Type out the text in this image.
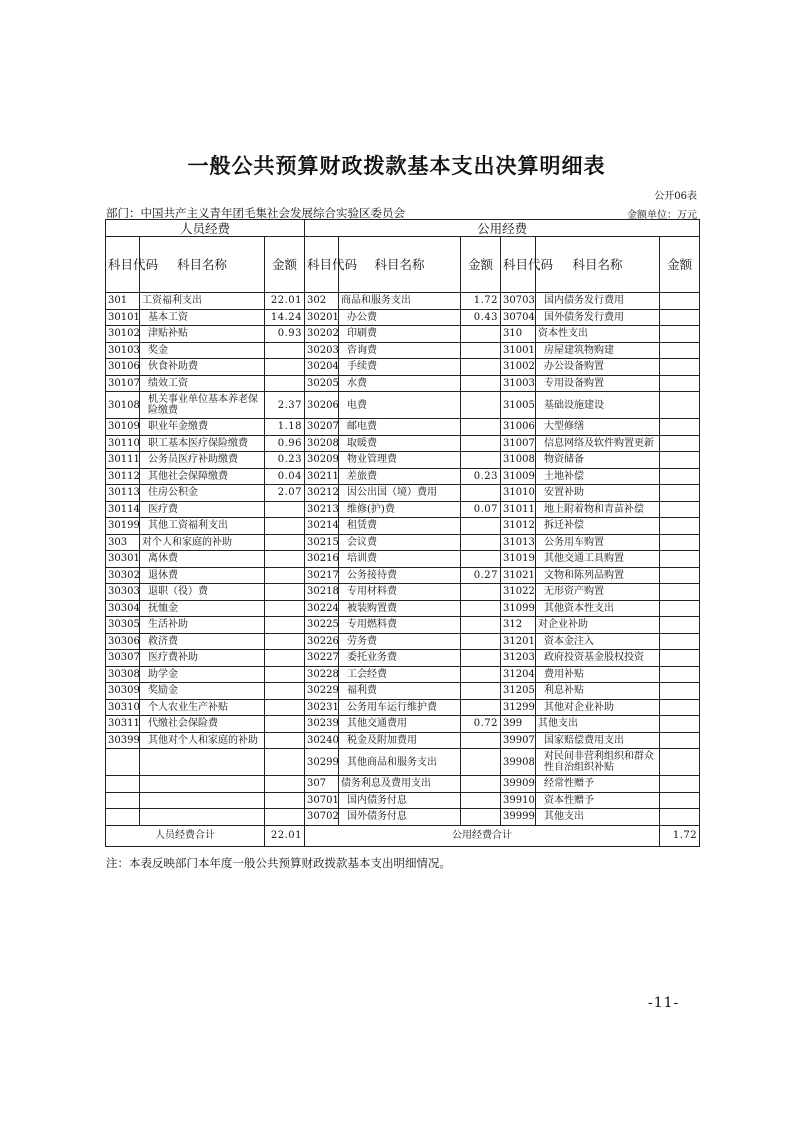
一般公共预算财政拨款基本支出决算明细表
公开06表
部门：中国共产主义青年团毛集社会发展综合实验区委员会	金额单位：万元
人员经费			公用经费					
科目代码	科目名称	金额	科目代码	科目名称	金额	科目代码	科目名称	金额
301	工资福利支出	22.01	302	商品和服务支出	1.72	30703	国内债务发行费用	
30101	基本工资	14.24	30201	办公费	0.43	30704	国外债务发行费用	
30102	津贴补贴	0.93	30202	印刷费		310	资本性支出	
30103	奖金		30203	咨询费		31001	房屋建筑物购建	
30106	伙食补助费		30204	手续费		31002	办公设备购置	
30107	绩效工资		30205	水费		31003	专用设备购置	
30108	机关事业单位基本养老保险缴费	2.37	30206	电费		31005	基础设施建设	
30109	职业年金缴费	1.18	30207	邮电费		31006	大型修缮	
30110	职工基本医疗保险缴费	0.96	30208	取暖费		31007	信息网络及软件购置更新	
30111	公务员医疗补助缴费	0.23	30209	物业管理费		31008	物资储备	
30112	其他社会保障缴费	0.04	30211	差旅费	0.23	31009	土地补偿	
30113	住房公积金	2.07	30212	因公出国（境）费用		31010	安置补助	
30114	医疗费		30213	维修(护)费	0.07	31011	地上附着物和青苗补偿	
30199	其他工资福利支出		30214	租赁费		31012	拆迁补偿	
303	对个人和家庭的补助		30215	会议费		31013	公务用车购置	
30301	离休费		30216	培训费		31019	其他交通工具购置	
30302	退休费		30217	公务接待费	0.27	31021	文物和陈列品购置	
30303	退职（役）费		30218	专用材料费		31022	无形资产购置	
30304	抚恤金		30224	被装购置费		31099	其他资本性支出	
30305	生活补助		30225	专用燃料费		312	对企业补助	
30306	救济费		30226	劳务费		31201	资本金注入	
30307	医疗费补助		30227	委托业务费		31203	政府投资基金股权投资	
30308	助学金		30228	工会经费		31204	费用补贴	
30309	奖励金		30229	福利费		31205	利息补贴	
30310	个人农业生产补贴		30231	公务用车运行维护费		31299	其他对企业补助	
30311	代缴社会保险费		30239	其他交通费用	0.72	399	其他支出	
30399	其他对个人和家庭的补助		30240	税金及附加费用		39907	国家赔偿费用支出	
			30299	其他商品和服务支出		39908	对民间非营利组织和群众性自治组织补贴	
			307	债务利息及费用支出		39909	经常性赠予	
			30701	国内债务付息		39910	资本性赠予	
			30702	国外债务付息		39999	其他支出	
人员经费合计		22.01	公用经费合计					1.72
注：本表反映部门本年度一般公共预算财政拨款基本支出明细情况。
-11-
